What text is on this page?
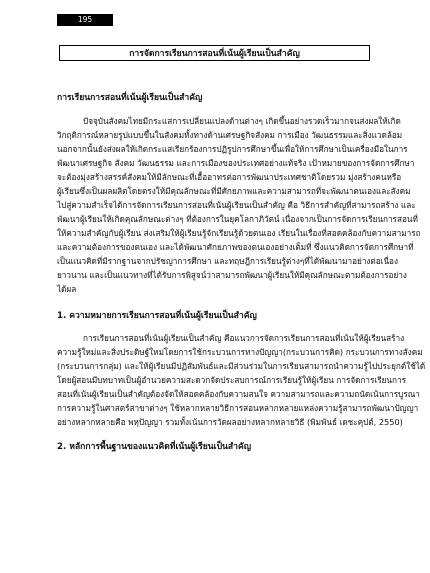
195
การจัดการเรียนการสอนที่เน้นผู้เรียนเป็นสำคัญ
การเรียนการสอนที่เน้นผู้เรียนเป็นสำคัญ
ปัจจุบันสังคมไทยมีกระแสการเปลี่ยนแปลงด้านต่างๆ เกิดขึ้นอย่างรวดเร็วมากจนส่งผลให้เกิด
วิกฤติการณ์หลายรูปแบบขึ้นในสังคมทั้งทางด้านเศรษฐกิจสังคม การเมือง วัฒนธรรมและสิ่งแวดล้อม
นอกจากนั้นยังส่งผลให้เกิดกระแสเรียกร้องการปฏิรูปการศึกษาขึ้นเพื่อให้การศึกษาเป็นเครื่องมือในการ
พัฒนาเศรษฐกิจ สังคม วัฒนธรรม และการเมืองของประเทศอย่างแท้จริง เป้าหมายของการจัดการศึกษา
จะต้องมุ่งสร้างสรรค์สังคมให้มีลักษณะที่เอื้ออาทรต่อการพัฒนาประเทศชาติโดยรวม มุ่งสร้างคนหรือ
ผู้เรียนซึ่งเป็นผลผลิตโดยตรงให้มีคุณลักษณะที่มีศักยภาพและความสามารถที่จะพัฒนาตนเองและสังคม
ไปสู่ความสำเร็จได้การจัดการเรียนการสอนที่เน้นผู้เรียนเป็นสำคัญ คือ วิธีการสำคัญที่สามารถสร้าง และ
พัฒนาผู้เรียนให้เกิดคุณลักษณะต่างๆ ที่ต้องการในยุคโลกาภิวัตน์ เนื่องจากเป็นการจัดการเรียนการสอนที่
ให้ความสำคัญกับผู้เรียน ส่งเสริมให้ผู้เรียนรู้จักเรียนรู้ด้วยตนเอง เรียนในเรื่องที่สอดคล้องกับความสามารถ
และความต้องการของตนเอง และได้พัฒนาศักยภาพของตนเองอย่างเต็มที่ ซึ่งแนวคิดการจัดการศึกษาที่
เป็นแนวคิดที่มีรากฐานจากปรัชญาการศึกษา และทฤษฎีการเรียนรู้ต่างๆที่ได้พัฒนามาอย่างต่อเนื่อง
ยาวนาน และเป็นแนวทางที่ได้รับการพิสูจน์ว่าสามารถพัฒนาผู้เรียนให้มีคุณลักษณะตามต้องการอย่าง
ได้ผล
1. ความหมายการเรียนการสอนที่เน้นผู้เรียนเป็นสำคัญ
การเรียนการสอนที่เน้นผู้เรียนเป็นสำคัญ คือแนวการจัดการเรียนการสอนที่เน้นให้ผู้เรียนสร้าง
ความรู้ใหม่และสิ่งประดิษฐ์ใหม่โดยการใช้กระบวนการทางปัญญา(กระบวนการคิด) กระบวนการทางสังคม
(กระบวนการกลุ่ม) และให้ผู้เรียนมีปฏิสัมพันธ์และมีส่วนร่วมในการเรียนสามารถนำความรู้ไปประยุกต์ใช้ได้
โดยผู้สอนมีบทบาทเป็นผู้อำนวยความสะดวกจัดประสบการณ์การเรียนรู้ให้ผู้เรียน การจัดการเรียนการ
สอนที่เน้นผู้เรียนเป็นสำคัญต้องจัดให้สอดคล้องกับความสนใจ ความสามารถและความถนัดเน้นการบูรณา
การความรู้ในศาสตร์สาขาต่างๆ ใช้หลากหลายวิธีการสอนหลากหลายแหล่งความรู้สามารถพัฒนาปัญญา
อย่างหลากหลายคือ พหุปัญญา รวมทั้งเน้นการวัดผลอย่างหลากหลายวิธี (พิมพันธ์ เดชะคุปต์, 2550)
2. หลักการพื้นฐานของแนวคิดที่เน้นผู้เรียนเป็นสำคัญ
